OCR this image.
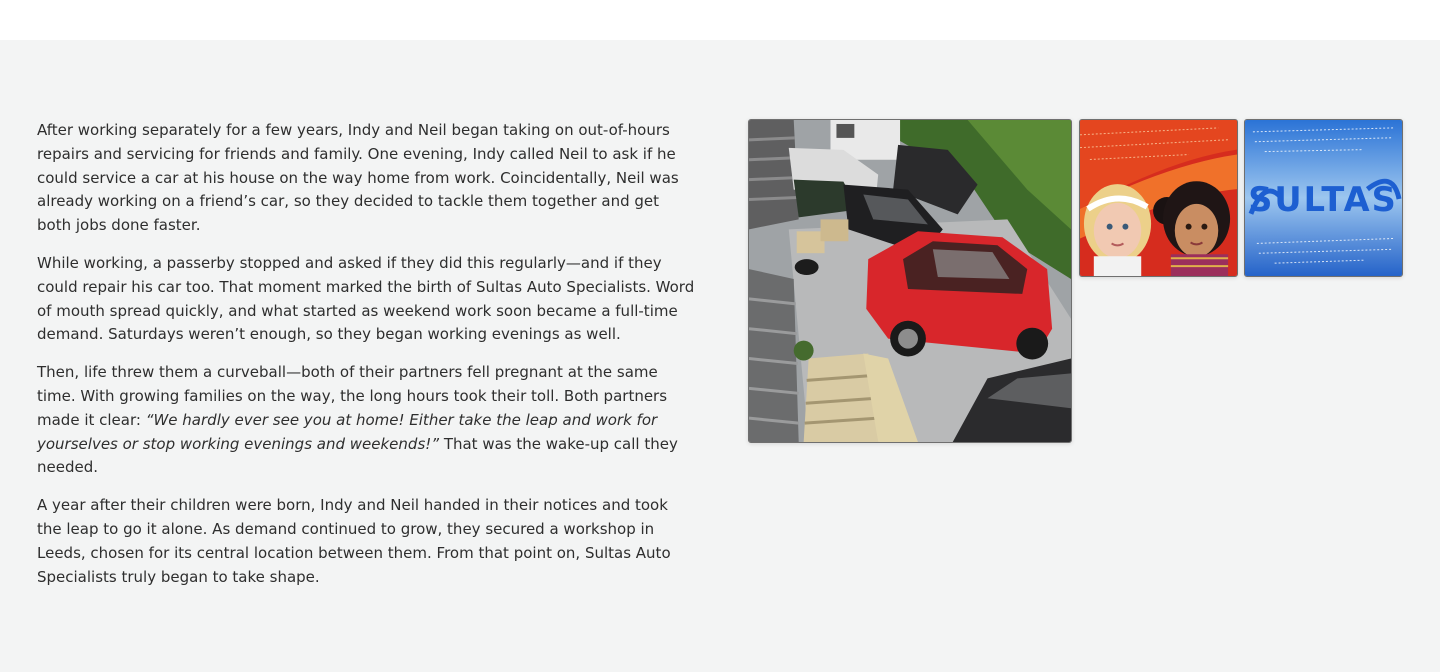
After working separately for a few years, Indy and Neil began taking on out-of-hours repairs and servicing for friends and family. One evening, Indy called Neil to ask if he could service a car at his house on the way home from work. Coincidentally, Neil was already working on a friend’s car, so they decided to tackle them together and get both jobs done faster.

While working, a passerby stopped and asked if they did this regularly—and if they could repair his car too. That moment marked the birth of Sultas Auto Specialists. Word of mouth spread quickly, and what started as weekend work soon became a full-time demand. Saturdays weren’t enough, so they began working evenings as well.

Then, life threw them a curveball—both of their partners fell pregnant at the same time. With growing families on the way, the long hours took their toll. Both partners made it clear: “We hardly ever see you at home! Either take the leap and work for yourselves or stop working evenings and weekends!” That was the wake-up call they needed.

A year after their children were born, Indy and Neil handed in their notices and took the leap to go it alone. As demand continued to grow, they secured a workshop in Leeds, chosen for its central location between them. From that point on, Sultas Auto Specialists truly began to take shape.

SULTAS
